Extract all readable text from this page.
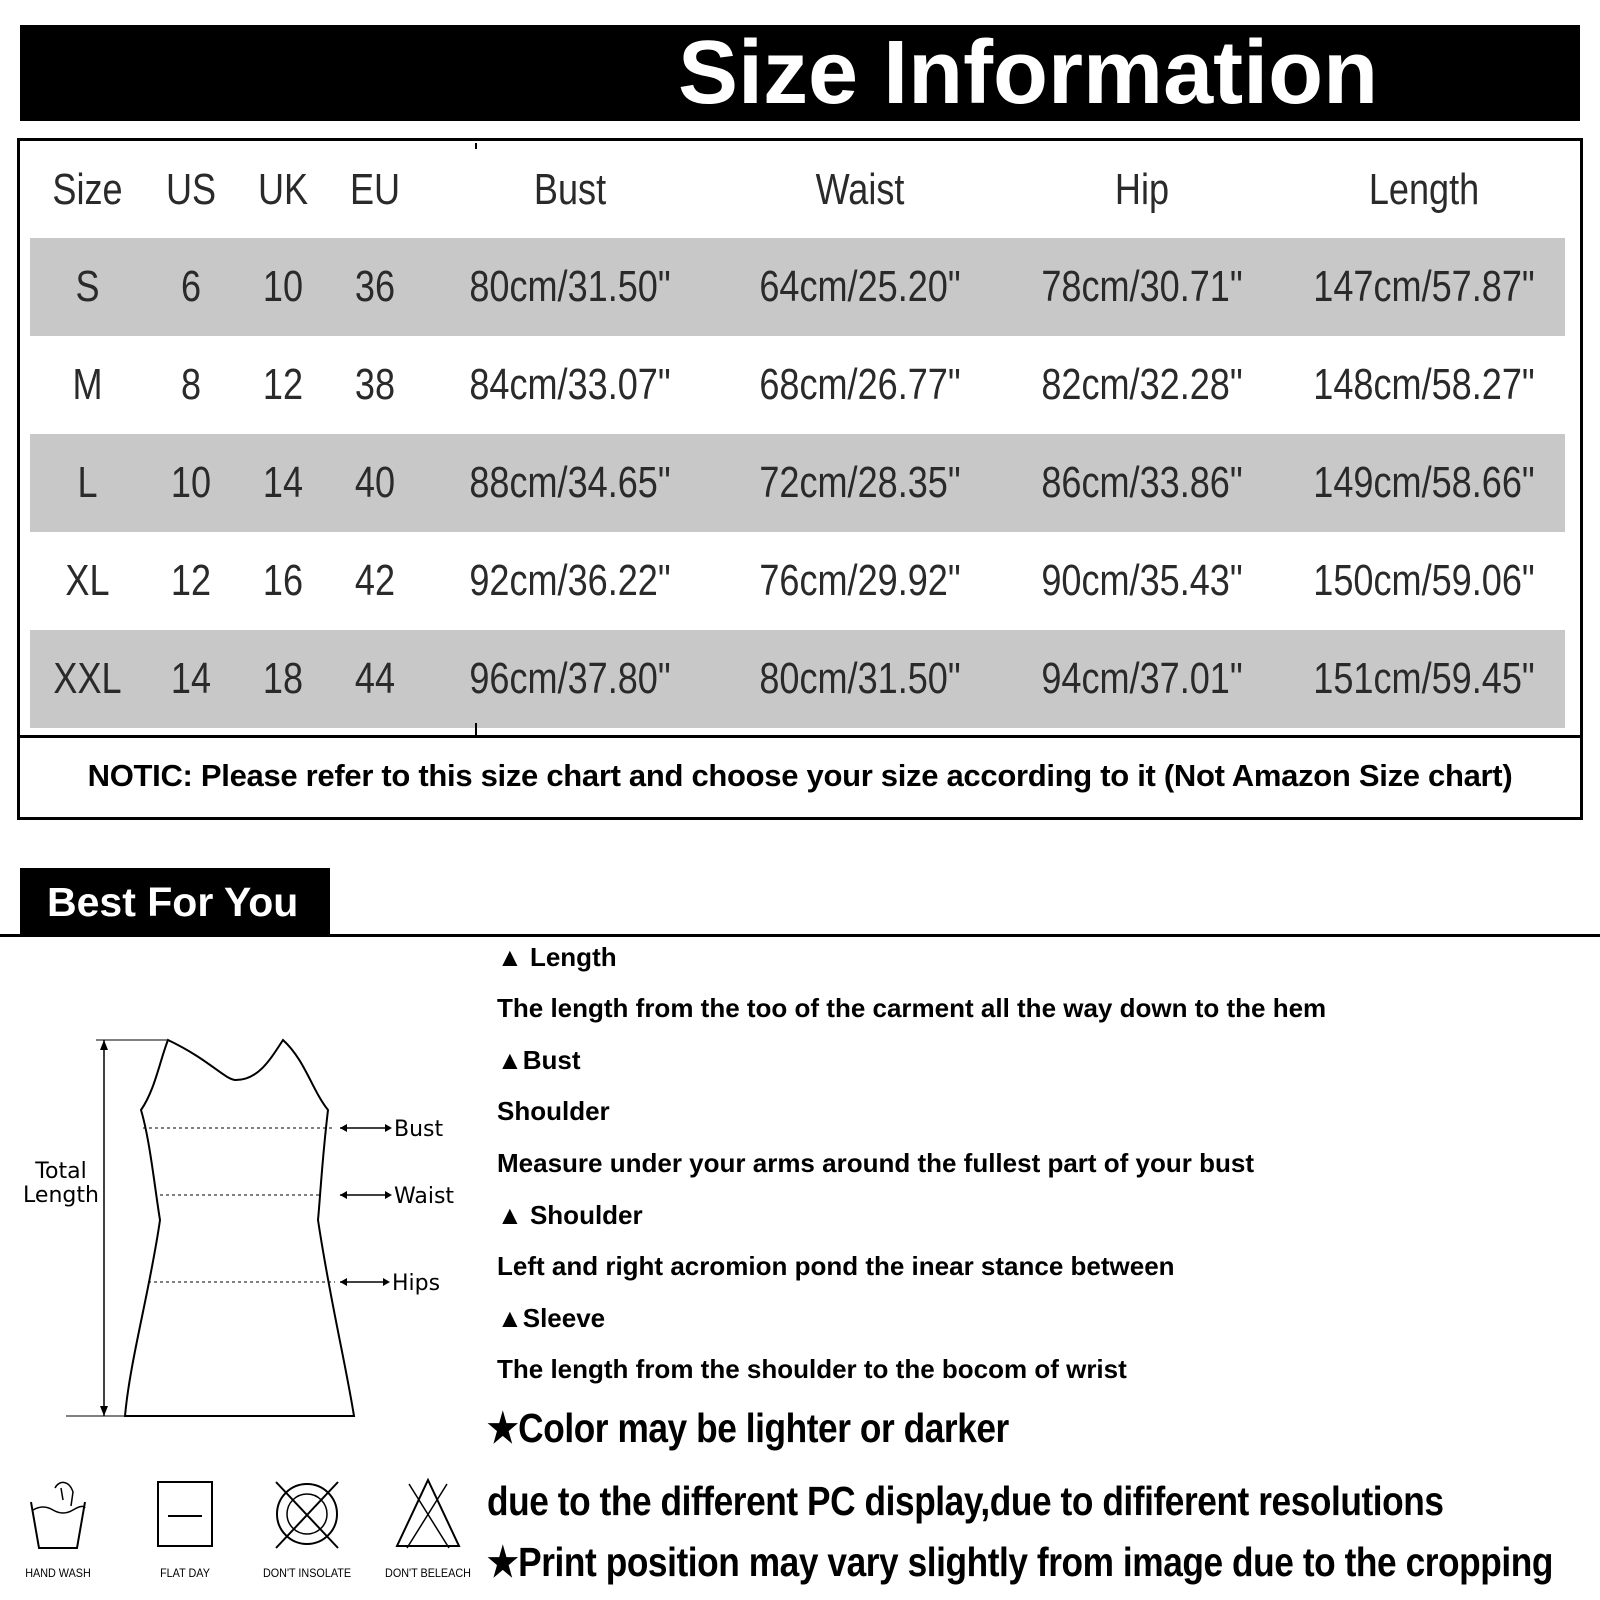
Size Information
Size US UK EU	Bust	Waist	Hip	Length
S	6	10	36	80cm/31.50"	64cm/25.20"	78cm/30.71"	147cm/57.87"
M	8	12	38	84cm/33.07"	68cm/26.77"	82cm/32.28"	148cm/58.27"
L	10	14	40	88cm/34.65"	72cm/28.35"	86cm/33.86"	149cm/58.66"
XL	12	16	42	92cm/36.22"	76cm/29.92"	90cm/35.43"	150cm/59.06"
XXL	14	18	44	96cm/37.80"	80cm/31.50"	94cm/37.01"	151cm/59.45"
NOTIC: Please refer to this size chart and choose your size according to it (Not Amazon Size chart)
Best For You
▲ Length
The length from the too of the carment all the way down to the hem
▲Bust
Shoulder
Measure under your arms around the fullest part of your bust
▲ Shoulder
Left and right acromion pond the inear stance between
▲Sleeve
The length from the shoulder to the bocom of wrist
★Color may be lighter or darker
due to the different PC display,due to dififerent resolutions
★Print position may vary slightly from image due to the cropping
Total
Length
Bust
Waist
Hips
HAND WASH	FLAT DAY	DON'T INSOLATE	DON'T BELEACH
